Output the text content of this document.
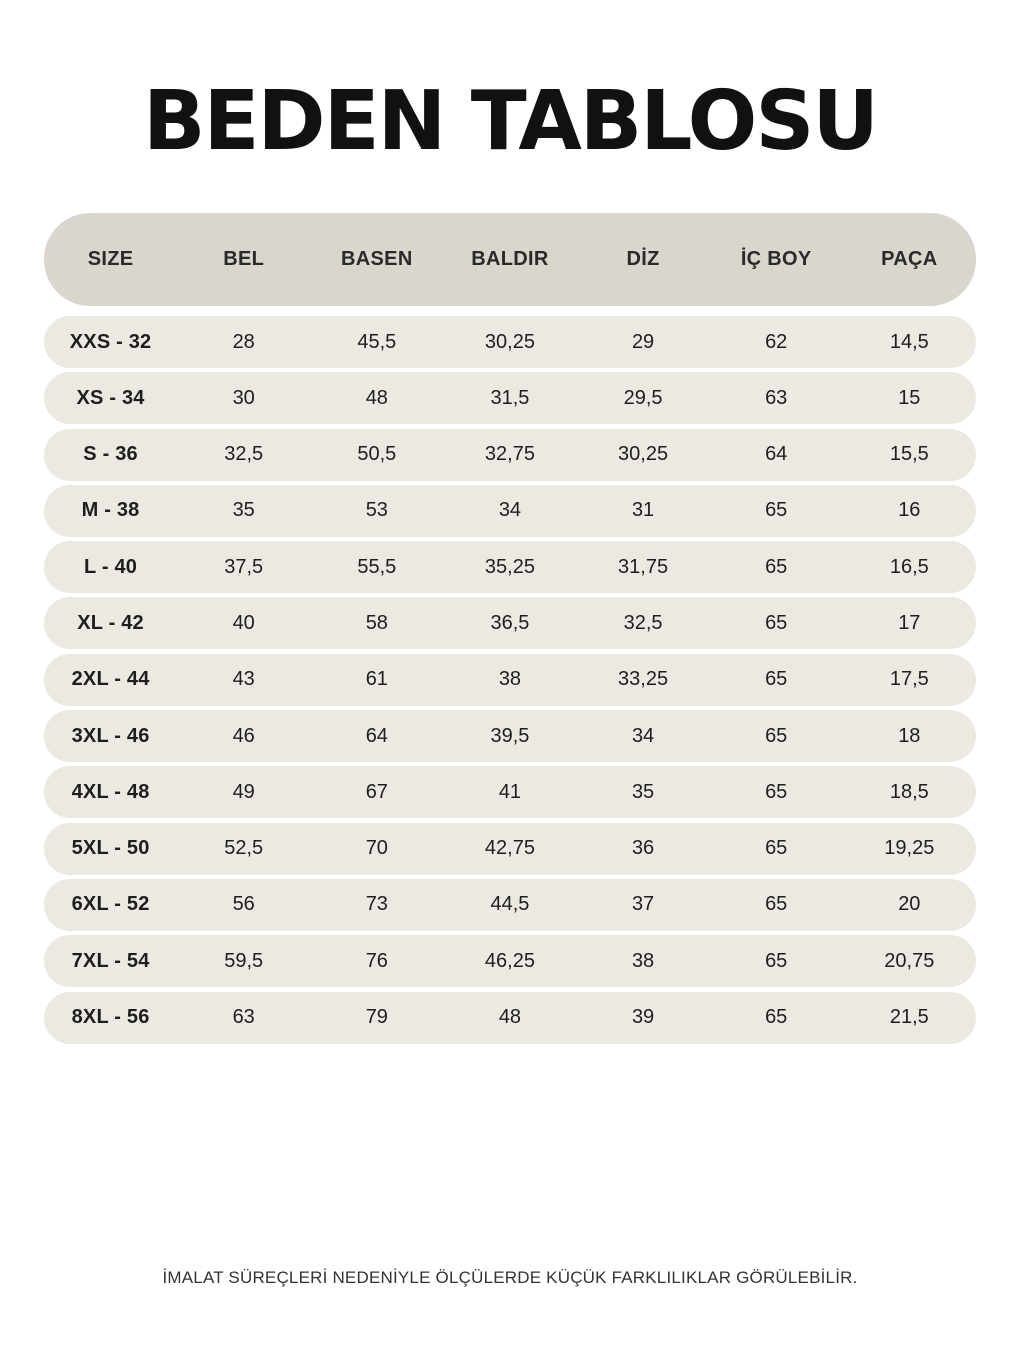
BEDEN TABLOSU
SIZE	BEL	BASEN	BALDIR	DİZ	İÇ BOY	PAÇA
XXS - 32	28	45,5	30,25	29	62	14,5
XS - 34	30	48	31,5	29,5	63	15
S - 36	32,5	50,5	32,75	30,25	64	15,5
M - 38	35	53	34	31	65	16
L - 40	37,5	55,5	35,25	31,75	65	16,5
XL - 42	40	58	36,5	32,5	65	17
2XL - 44	43	61	38	33,25	65	17,5
3XL - 46	46	64	39,5	34	65	18
4XL - 48	49	67	41	35	65	18,5
5XL - 50	52,5	70	42,75	36	65	19,25
6XL - 52	56	73	44,5	37	65	20
7XL - 54	59,5	76	46,25	38	65	20,75
8XL - 56	63	79	48	39	65	21,5
İMALAT SÜREÇLERİ NEDENİYLE ÖLÇÜLERDE KÜÇÜK FARKLILIKLAR GÖRÜLEBİLİR.
